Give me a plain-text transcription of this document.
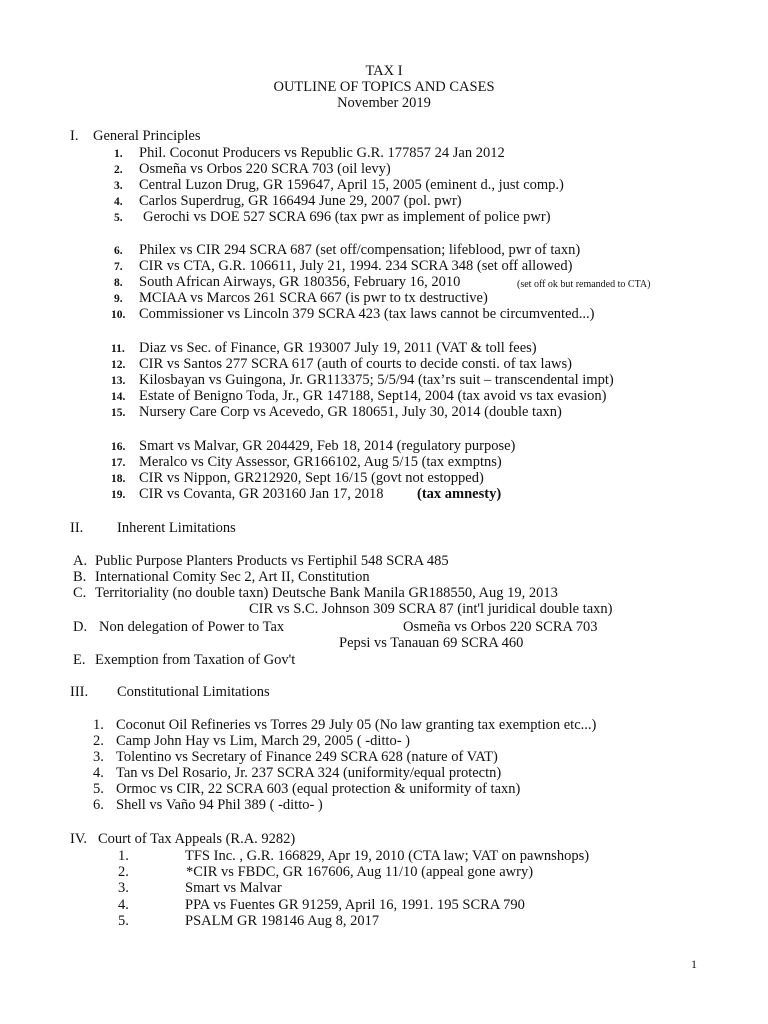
TAX I
OUTLINE OF TOPICS AND CASES
November 2019
I. General Principles
1. Phil. Coconut Producers vs Republic G.R. 177857 24 Jan 2012
2. Osmeña vs Orbos 220 SCRA 703 (oil levy)
3. Central Luzon Drug, GR 159647, April 15, 2005 (eminent d., just comp.)
4. Carlos Superdrug, GR 166494 June 29, 2007 (pol. pwr)
5. Gerochi vs DOE 527 SCRA 696 (tax pwr as implement of police pwr)
6. Philex vs CIR 294 SCRA 687 (set off/compensation; lifeblood, pwr of taxn)
7. CIR vs CTA, G.R. 106611, July 21, 1994. 234 SCRA 348 (set off allowed)
8. South African Airways, GR 180356, February 16, 2010	(set off ok but remanded to CTA)
9. MCIAA vs Marcos 261 SCRA 667 (is pwr to tx destructive)
10. Commissioner vs Lincoln 379 SCRA 423 (tax laws cannot be circumvented...)
11. Diaz vs Sec. of Finance, GR 193007 July 19, 2011 (VAT & toll fees)
12. CIR vs Santos 277 SCRA 617 (auth of courts to decide consti. of tax laws)
13. Kilosbayan vs Guingona, Jr. GR113375; 5/5/94 (tax’rs suit – transcendental impt)
14. Estate of Benigno Toda, Jr., GR 147188, Sept14, 2004 (tax avoid vs tax evasion)
15. Nursery Care Corp vs Acevedo, GR 180651, July 30, 2014 (double taxn)
16. Smart vs Malvar, GR 204429, Feb 18, 2014 (regulatory purpose)
17. Meralco vs City Assessor, GR166102, Aug 5/15 (tax exmptns)
18. CIR vs Nippon, GR212920, Sept 16/15 (govt not estopped)
19. CIR vs Covanta, GR 203160 Jan 17, 2018 (tax amnesty)
II. Inherent Limitations
A. Public Purpose Planters Products vs Fertiphil 548 SCRA 485
B. International Comity Sec 2, Art II, Constitution
C. Territoriality (no double taxn) Deutsche Bank Manila GR188550, Aug 19, 2013
CIR vs S.C. Johnson 309 SCRA 87 (int'l juridical double taxn)
D. Non delegation of Power to Tax	Osmeña vs Orbos 220 SCRA 703
Pepsi vs Tanauan 69 SCRA 460
E. Exemption from Taxation of Gov't
III. Constitutional Limitations
1. Coconut Oil Refineries vs Torres 29 July 05 (No law granting tax exemption etc...)
2. Camp John Hay vs Lim, March 29, 2005 ( -ditto- )
3. Tolentino vs Secretary of Finance 249 SCRA 628 (nature of VAT)
4. Tan vs Del Rosario, Jr. 237 SCRA 324 (uniformity/equal protectn)
5. Ormoc vs CIR, 22 SCRA 603 (equal protection & uniformity of taxn)
6. Shell vs Vaño 94 Phil 389 ( -ditto- )
IV. Court of Tax Appeals (R.A. 9282)
1.	TFS Inc. , G.R. 166829, Apr 19, 2010 (CTA law; VAT on pawnshops)
2.	*CIR vs FBDC, GR 167606, Aug 11/10 (appeal gone awry)
3.	Smart vs Malvar
4.	PPA vs Fuentes GR 91259, April 16, 1991. 195 SCRA 790
5.	PSALM GR 198146 Aug 8, 2017
1
